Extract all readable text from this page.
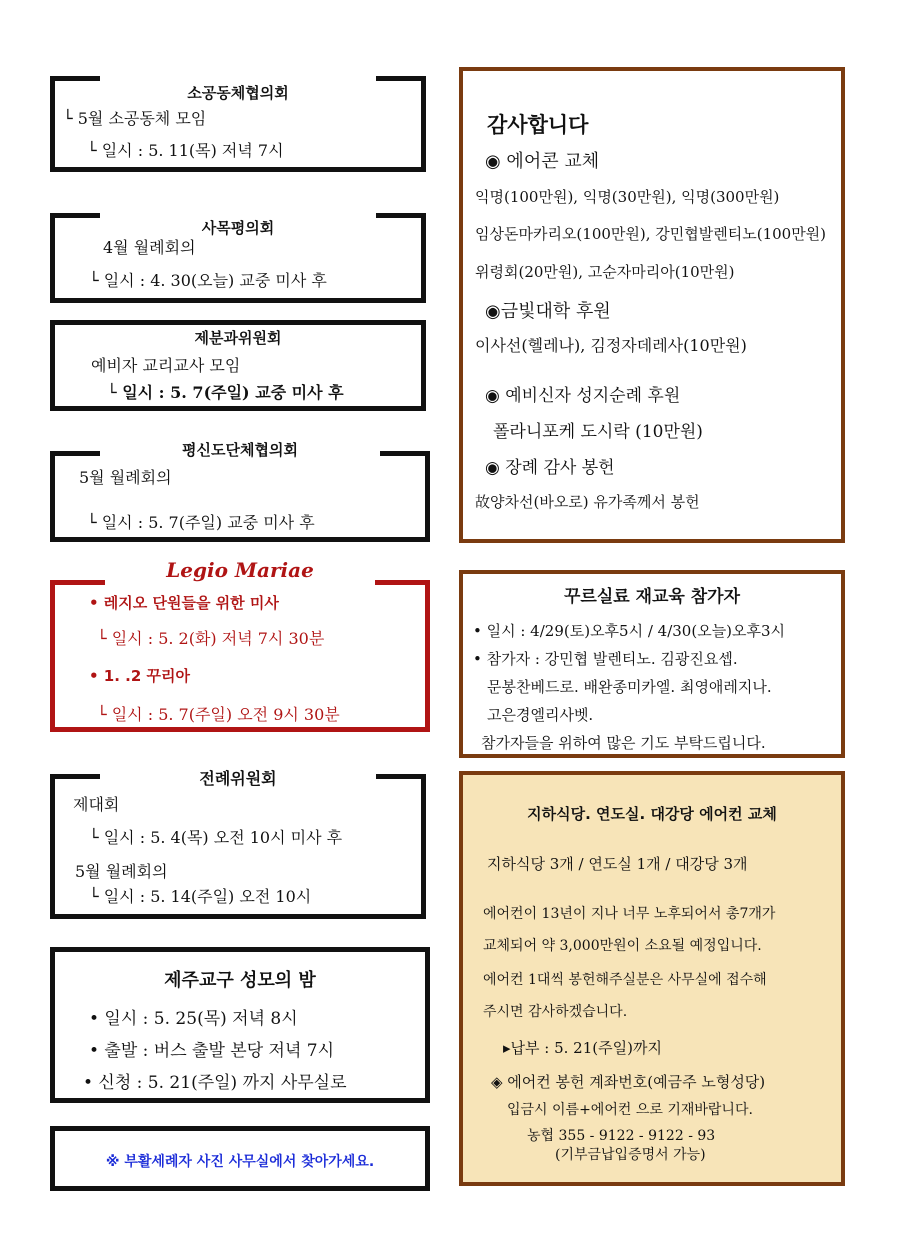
소공동체협의회
└ 5월 소공동체 모임
└ 일시 : 5. 11(목) 저녁 7시
사목평의회
4월 월례회의
└ 일시 : 4. 30(오늘) 교중 미사 후
제분과위원회
예비자 교리교사 모임
└ 일시 : 5. 7(주일) 교중 미사 후
평신도단체협의회
5월 월례회의
└ 일시 : 5. 7(주일) 교중 미사 후
Legio Mariae
• 레지오 단원들을 위한 미사
└ 일시 : 5. 2(화) 저녁 7시 30분
• 1. .2 꾸리아
└ 일시 : 5. 7(주일) 오전 9시 30분
전례위원회
제대회
└ 일시 : 5. 4(목) 오전 10시 미사 후
5월 월례회의
└ 일시 : 5. 14(주일) 오전 10시
제주교구 성모의 밤
• 일시 : 5. 25(목) 저녁 8시
• 출발 : 버스 출발 본당 저녁 7시
• 신청 : 5. 21(주일) 까지 사무실로
※ 부활세례자 사진 사무실에서 찾아가세요.
감사합니다
◉ 에어콘 교체
익명(100만원), 익명(30만원), 익명(300만원)
임상돈마카리오(100만원), 강민협발렌티노(100만원)
위령회(20만원), 고순자마리아(10만원)
◉금빛대학 후원
이사선(헬레나), 김정자데레사(10만원)
◉ 예비신자 성지순례 후원
폴라니포케 도시락 (10만원)
◉ 장례 감사 봉헌
故양차선(바오로) 유가족께서 봉헌
꾸르실료 재교육 참가자
• 일시 : 4/29(토)오후5시 / 4/30(오늘)오후3시
• 참가자 : 강민협 발렌티노. 김광진요셉.
문봉찬베드로. 배완종미카엘. 최영애레지나.
고은경엘리사벳.
참가자들을 위하여 많은 기도 부탁드립니다.
지하식당. 연도실. 대강당 에어컨 교체
지하식당 3개 / 연도실 1개 / 대강당 3개
에어컨이 13년이 지나 너무 노후되어서 총7개가
교체되어 약 3,000만원이 소요될 예정입니다.
에어컨 1대씩 봉헌해주실분은 사무실에 접수해
주시면 감사하겠습니다.
▸납부 : 5. 21(주일)까지
◈ 에어컨 봉헌 계좌번호(예금주 노형성당)
입금시 이름+에어컨 으로 기재바랍니다.
농협 355 - 9122 - 9122 - 93
(기부금납입증명서 가능)
